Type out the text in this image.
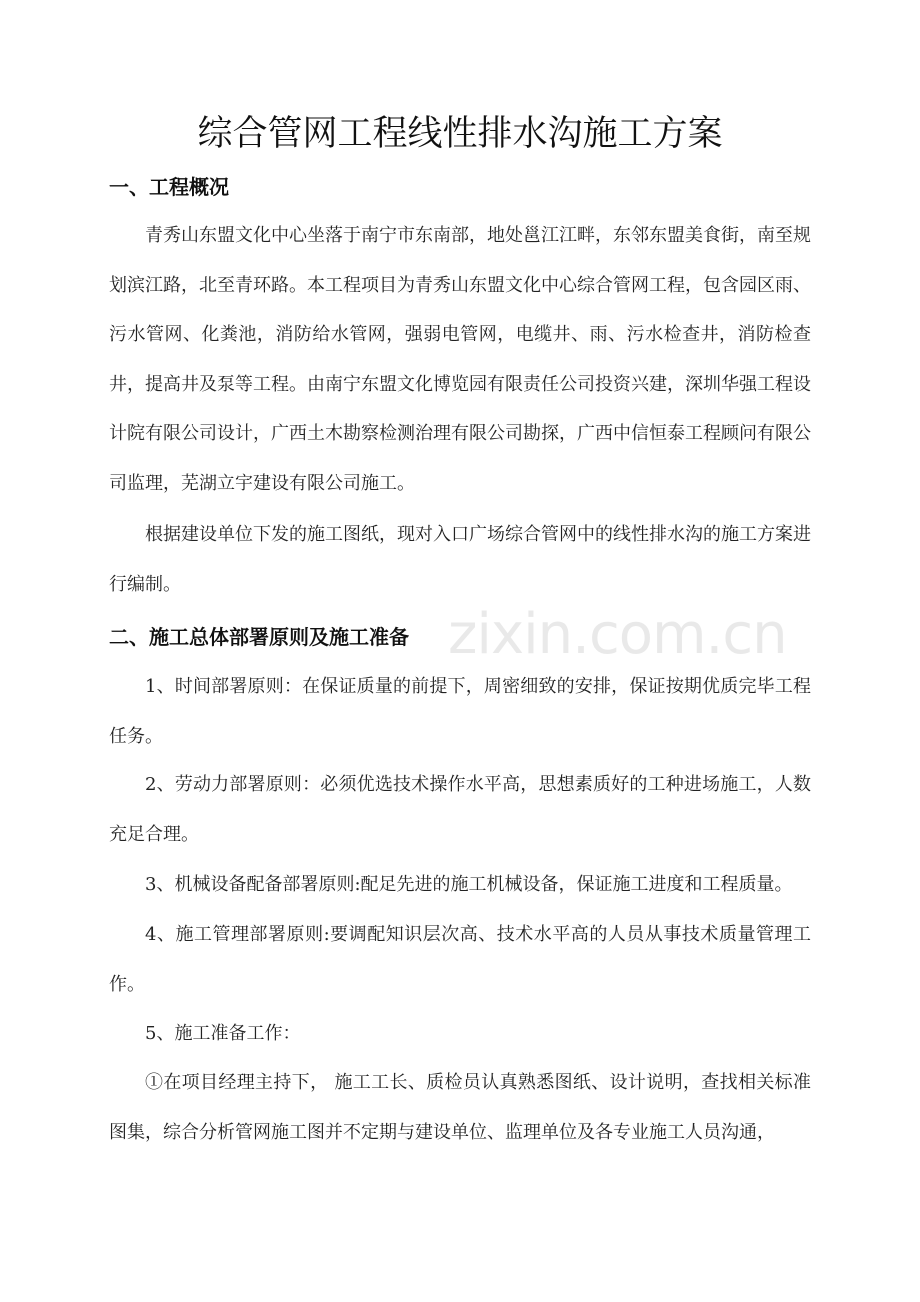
综合管网工程线性排水沟施工方案
一、工程概况

青秀山东盟文化中心坐落于南宁市东南部，地处邕江江畔，东邻东盟美食街，南至规划滨江路，北至青环路。本工程项目为青秀山东盟文化中心综合管网工程，包含园区雨、污水管网、化粪池，消防给水管网，强弱电管网，电缆井、雨、污水检查井，消防检查井，提高井及泵等工程。由南宁东盟文化博览园有限责任公司投资兴建，深圳华强工程设计院有限公司设计，广西土木勘察检测治理有限公司勘探，广西中信恒泰工程顾问有限公司监理，芜湖立宇建设有限公司施工。

根据建设单位下发的施工图纸，现对入口广场综合管网中的线性排水沟的施工方案进行编制。

二、施工总体部署原则及施工准备

1、时间部署原则：在保证质量的前提下，周密细致的安排，保证按期优质完毕工程任务。

2、劳动力部署原则：必须优选技术操作水平高，思想素质好的工种进场施工，人数充足合理。

3、机械设备配备部署原则:配足先进的施工机械设备，保证施工进度和工程质量。

4、施工管理部署原则:要调配知识层次高、技术水平高的人员从事技术质量管理工作。

5、施工准备工作：

①在项目经理主持下， 施工工长、质检员认真熟悉图纸、设计说明，查找相关标准图集，综合分析管网施工图并不定期与建设单位、监理单位及各专业施工人员沟通，

zixin.com.cn
